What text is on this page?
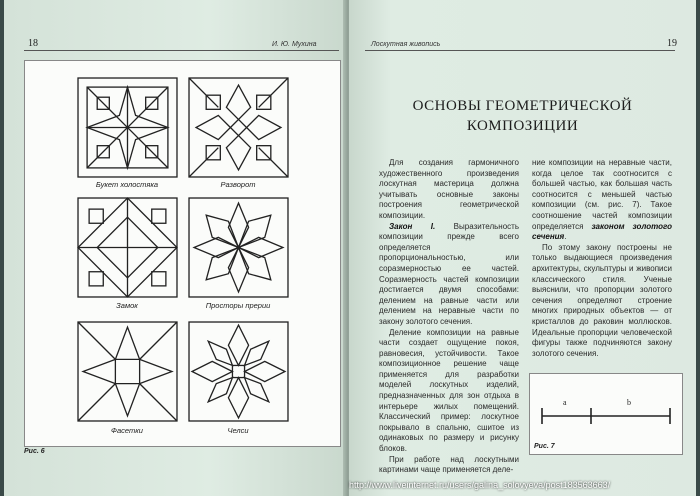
18	И. Ю. Мухина
Букет холостяка	Разворот
Замок	Просторы прерии
Фасетки	Челси
Рис. 6
Лоскутная живопись	19
ОСНОВЫ ГЕОМЕТРИЧЕСКОЙ
КОМПОЗИЦИИ

Для создания гармоничного художественного произведения лоскутная мастерица должна учитывать основные законы построения геометрической композиции.

Закон I. Выразительность композиции прежде всего определяется пропорциональностью, или соразмерностью ее частей. Соразмерность частей композиции достигается двумя способами: делением на равные части или делением на неравные части по закону золотого сечения.

Деление композиции на равные части создает ощущение покоя, равновесия, устойчивости. Такое композиционное решение чаще применяется для разработки моделей лоскутных изделий, предназначенных для зон отдыха в интерьере жилых помещений. Классический пример: лоскутное покрывало в спальню, сшитое из одинаковых по размеру и рисунку блоков.

При работе над лоскутными картинами чаще применяется деле-

ние композиции на неравные части, когда целое так соотносится с большей частью, как большая часть соотносится с меньшей частью композиции (см. рис. 7). Такое соотношение частей композиции определяется законом золотого сечения.

По этому закону построены не только выдающиеся произведения архитектуры, скульптуры и живописи классического стиля. Ученые выяснили, что пропорции золотого сечения определяют строение многих природных объектов — от кристаллов до раковин моллюсков. Идеальные пропорции человеческой фигуры также подчиняются закону золотого сечения.

a	b
Рис. 7
http://www.liveinternet.ru/users/galina_solovyeva/post183563663/
